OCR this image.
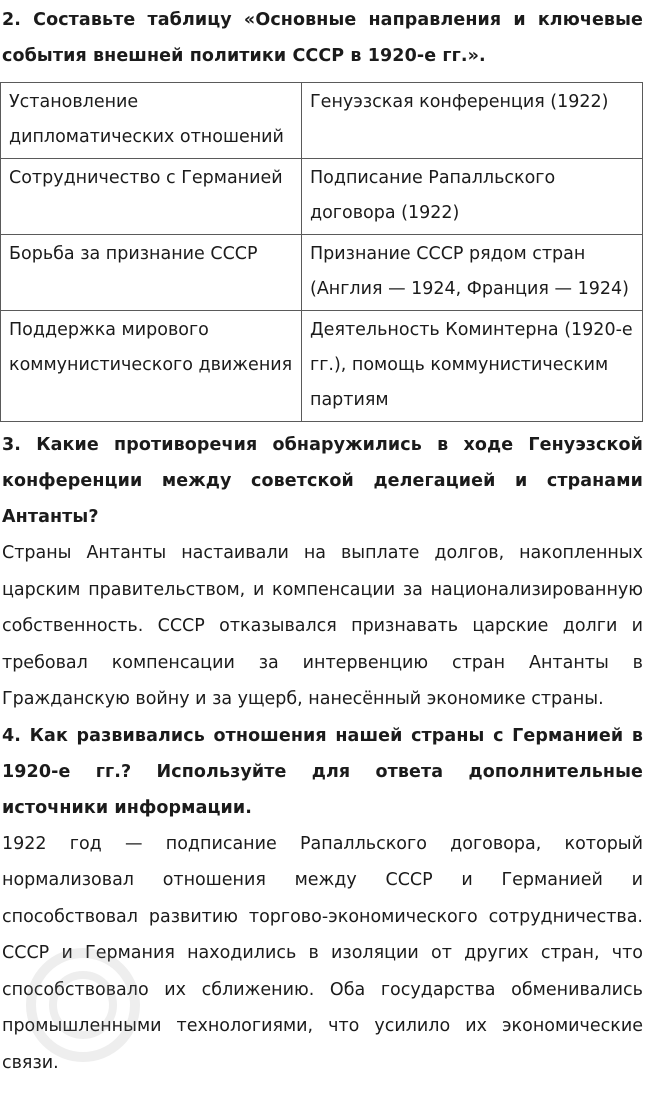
2. Составьте таблицу «Основные направления и ключевые события внешней политики СССР в 1920-е гг.».

Установление дипломатических отношений	Генуэзская конференция (1922)
Сотрудничество с Германией	Подписание Рапалльского договора (1922)
Борьба за признание СССР	Признание СССР рядом стран (Англия — 1924, Франция — 1924)
Поддержка мирового коммунистического движения	Деятельность Коминтерна (1920-е гг.), помощь коммунистическим партиям

3. Какие противоречия обнаружились в ходе Генуэзской конференции между советской делегацией и странами Антанты?

Страны Антанты настаивали на выплате долгов, накопленных царским правительством, и компенсации за национализированную собственность. СССР отказывался признавать царские долги и требовал компенсации за интервенцию стран Антанты в Гражданскую войну и за ущерб, нанесённый экономике страны.

4. Как развивались отношения нашей страны с Германией в 1920-е гг.? Используйте для ответа дополнительные источники информации.

1922 год — подписание Рапалльского договора, который нормализовал отношения между СССР и Германией и способствовал развитию торгово-экономического сотрудничества. СССР и Германия находились в изоляции от других стран, что способствовало их сближению. Оба государства обменивались промышленными технологиями, что усилило их экономические связи.
